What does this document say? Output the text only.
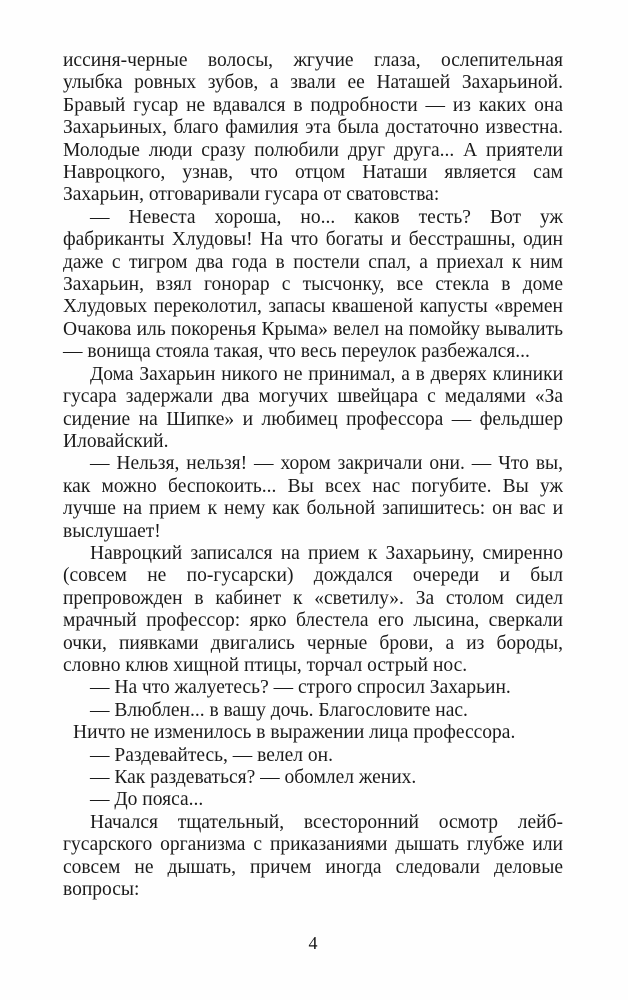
иссиня-черные волосы, жгучие глаза, ослепительная улыбка ровных зубов, а звали ее Наташей Захарьиной. Бравый гусар не вдавался в подробности — из каких она Захарьиных, благо фамилия эта была достаточно известна. Молодые люди сразу полюбили друг друга... А приятели Навроцкого, узнав, что отцом Наташи является сам Захарьин, отговаривали гусара от сватовства:

— Невеста хороша, но... каков тесть? Вот уж фабриканты Хлудовы! На что богаты и бесстрашны, один даже с тигром два года в постели спал, а приехал к ним Захарьин, взял гонорар с тысчонку, все стекла в доме Хлудовых переколотил, запасы квашеной капусты «времен Очакова иль покоренья Крыма» велел на помойку вывалить — вонища стояла такая, что весь переулок разбежался...

Дома Захарьин никого не принимал, а в дверях клиники гусара задержали два могучих швейцара с медалями «За сидение на Шипке» и любимец профессора — фельдшер Иловайский.

— Нельзя, нельзя! — хором закричали они. — Что вы, как можно беспокоить... Вы всех нас погубите. Вы уж лучше на прием к нему как больной запишитесь: он вас и выслушает!

Навроцкий записался на прием к Захарьину, смиренно (совсем не по-гусарски) дождался очереди и был препровожден в кабинет к «светилу». За столом сидел мрачный профессор: ярко блестела его лысина, сверкали очки, пиявками двигались черные брови, а из бороды, словно клюв хищной птицы, торчал острый нос.

— На что жалуетесь? — строго спросил Захарьин.

— Влюблен... в вашу дочь. Благословите нас.

Ничто не изменилось в выражении лица профессора.

— Раздевайтесь, — велел он.

— Как раздеваться? — обомлел жених.

— До пояса...

Начался тщательный, всесторонний осмотр лейб-гусарского организма с приказаниями дышать глубже или совсем не дышать, причем иногда следовали деловые вопросы:

4
